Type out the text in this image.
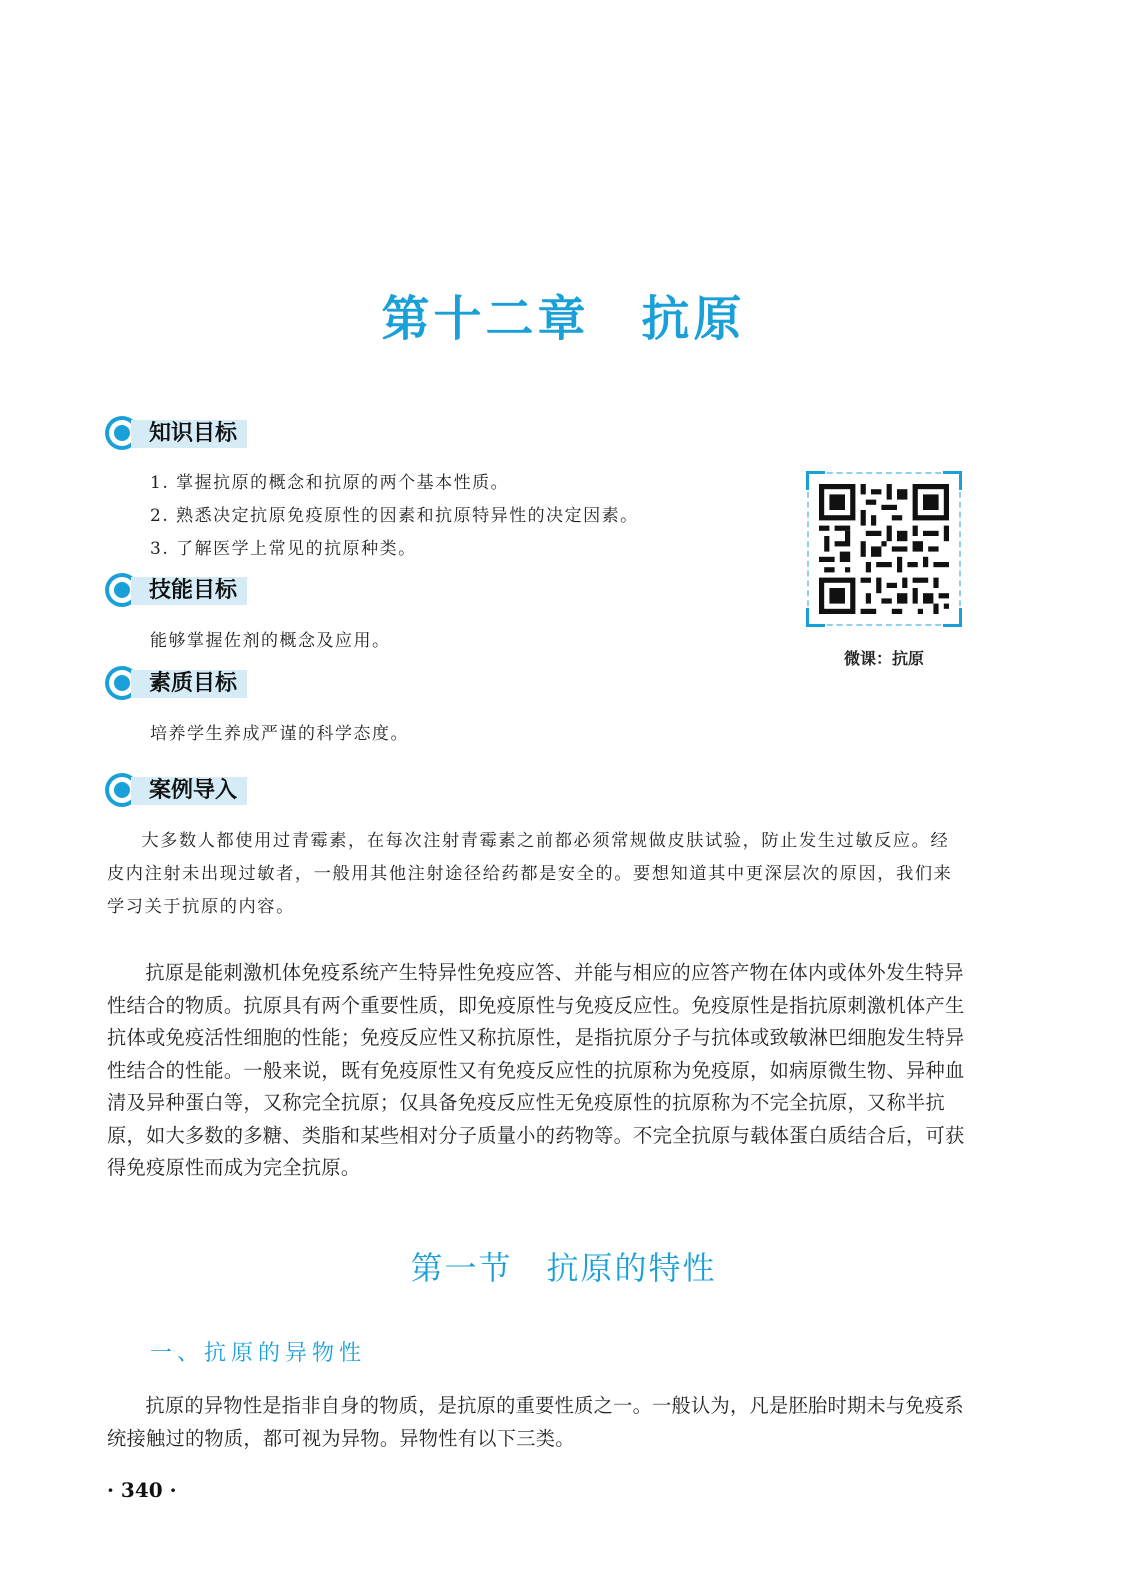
第十二章　抗原
知识目标
1. 掌握抗原的概念和抗原的两个基本性质。
2. 熟悉决定抗原免疫原性的因素和抗原特异性的决定因素。
3. 了解医学上常见的抗原种类。
技能目标
能够掌握佐剂的概念及应用。
素质目标
培养学生养成严谨的科学态度。
案例导入
大多数人都使用过青霉素，在每次注射青霉素之前都必须常规做皮肤试验，防止发生过敏反应。经皮内注射未出现过敏者，一般用其他注射途径给药都是安全的。要想知道其中更深层次的原因，我们来学习关于抗原的内容。
微课：抗原
抗原是能刺激机体免疫系统产生特异性免疫应答、并能与相应的应答产物在体内或体外发生特异性结合的物质。抗原具有两个重要性质，即免疫原性与免疫反应性。免疫原性是指抗原刺激机体产生抗体或免疫活性细胞的性能；免疫反应性又称抗原性，是指抗原分子与抗体或致敏淋巴细胞发生特异性结合的性能。一般来说，既有免疫原性又有免疫反应性的抗原称为免疫原，如病原微生物、异种血清及异种蛋白等，又称完全抗原；仅具备免疫反应性无免疫原性的抗原称为不完全抗原，又称半抗原，如大多数的多糖、类脂和某些相对分子质量小的药物等。不完全抗原与载体蛋白质结合后，可获得免疫原性而成为完全抗原。
第一节　抗原的特性
一、抗原的异物性
抗原的异物性是指非自身的物质，是抗原的重要性质之一。一般认为，凡是胚胎时期未与免疫系统接触过的物质，都可视为异物。异物性有以下三类。
· 340 ·
